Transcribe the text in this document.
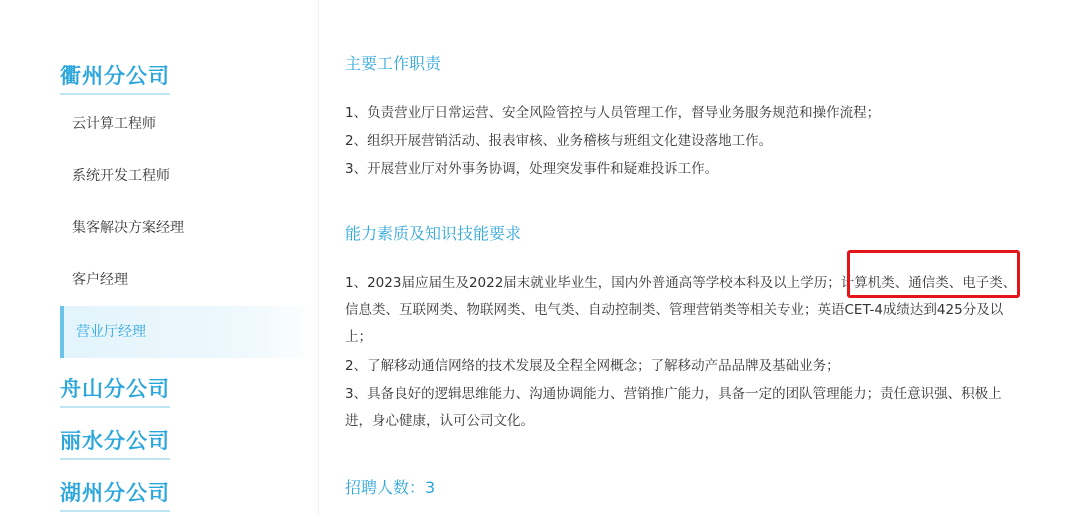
衢州分公司
云计算工程师
系统开发工程师
集客解决方案经理
客户经理
营业厅经理
舟山分公司
丽水分公司
湖州分公司
主要工作职责
1、负责营业厅日常运营、安全风险管控与人员管理工作，督导业务服务规范和操作流程；
2、组织开展营销活动、报表审核、业务稽核与班组文化建设落地工作。
3、开展营业厅对外事务协调，处理突发事件和疑难投诉工作。
能力素质及知识技能要求
1、2023届应届生及2022届末就业毕业生，国内外普通高等学校本科及以上学历；计算机类、通信类、电子类、信息类、互联网类、物联网类、电气类、自动控制类、管理营销类等相关专业；英语CET-4成绩达到425分及以上；
2、了解移动通信网络的技术发展及全程全网概念；了解移动产品品牌及基础业务；
3、具备良好的逻辑思维能力、沟通协调能力、营销推广能力，具备一定的团队管理能力；责任意识强、积极上进，身心健康，认可公司文化。
招聘人数：3
